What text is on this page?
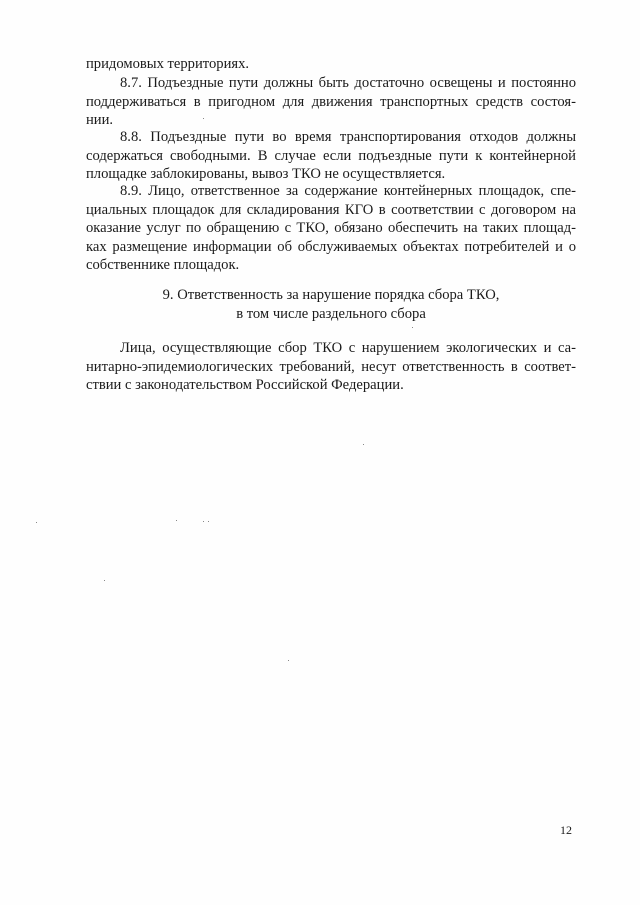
придомовых территориях.
8.7. Подъездные пути должны быть достаточно освещены и постоянно
поддерживаться в пригодном для движения транспортных средств состоя-
нии.
8.8. Подъездные пути во время транспортирования отходов должны
содержаться свободными. В случае если подъездные пути к контейнерной
площадке заблокированы, вывоз ТКО не осуществляется.
8.9. Лицо, ответственное за содержание контейнерных площадок, спе-
циальных площадок для складирования КГО в соответствии с договором на
оказание услуг по обращению с ТКО, обязано обеспечить на таких площад-
ках размещение информации об обслуживаемых объектах потребителей и о
собственнике площадок.
9. Ответственность за нарушение порядка сбора ТКО,
в том числе раздельного сбора
Лица, осуществляющие сбор ТКО с нарушением экологических и са-
нитарно-эпидемиологических требований, несут ответственность в соответ-
ствии с законодательством Российской Федерации.
12
